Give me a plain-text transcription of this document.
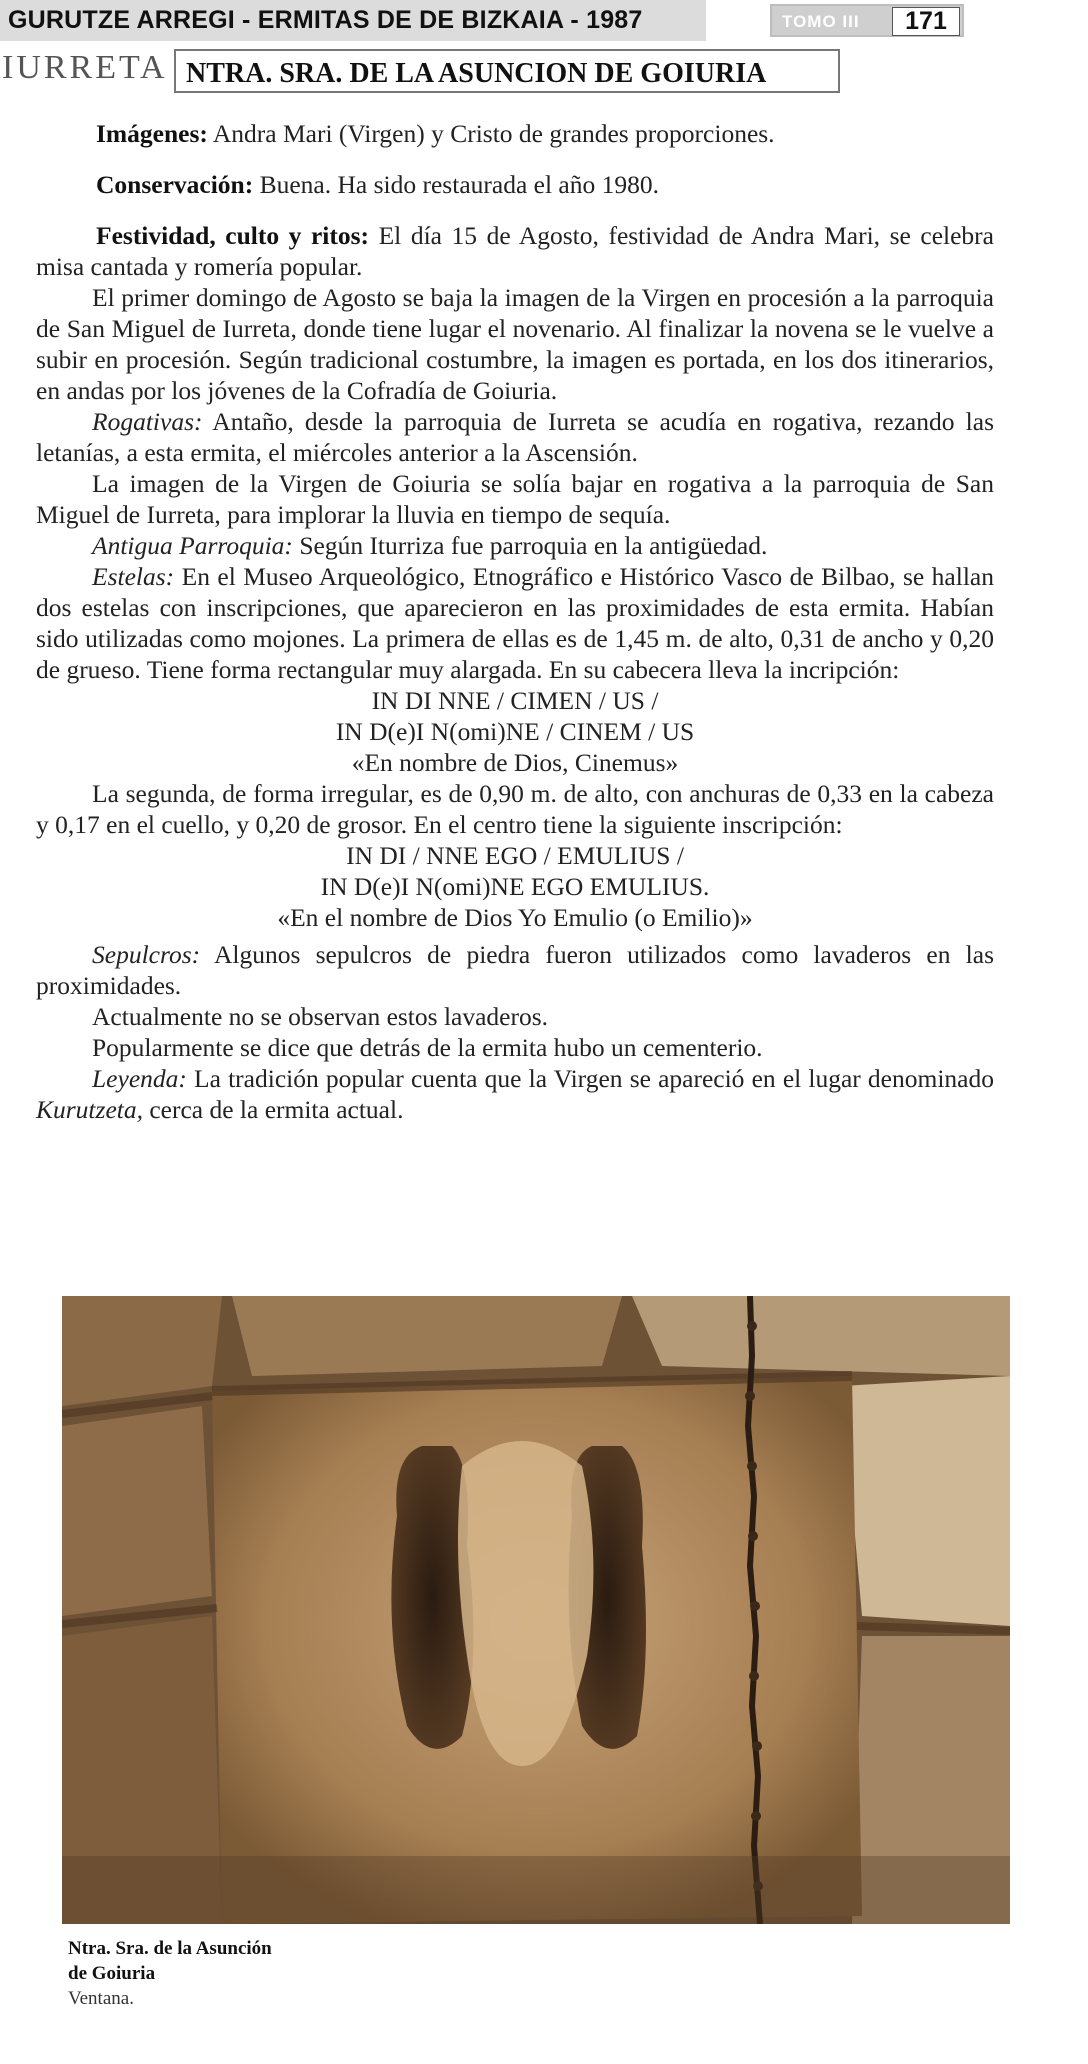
GURUTZE ARREGI - ERMITAS DE DE BIZKAIA - 1987	TOMO III	171
IURRETA NTRA. SRA. DE LA ASUNCION DE GOIURIA

Imágenes: Andra Mari (Virgen) y Cristo de grandes proporciones.

Conservación: Buena. Ha sido restaurada el año 1980.

Festividad, culto y ritos: El día 15 de Agosto, festividad de Andra Mari, se celebra misa cantada y romería popular.

El primer domingo de Agosto se baja la imagen de la Virgen en procesión a la parroquia de San Miguel de Iurreta, donde tiene lugar el novenario. Al finalizar la novena se le vuelve a subir en procesión. Según tradicional costumbre, la imagen es portada, en los dos itinerarios, en andas por los jóvenes de la Cofradía de Goiuria.

Rogativas: Antaño, desde la parroquia de Iurreta se acudía en rogativa, rezando las letanías, a esta ermita, el miércoles anterior a la Ascensión.

La imagen de la Virgen de Goiuria se solía bajar en rogativa a la parroquia de San Miguel de Iurreta, para implorar la lluvia en tiempo de sequía.

Antigua Parroquia: Según Iturriza fue parroquia en la antigüedad.

Estelas: En el Museo Arqueológico, Etnográfico e Histórico Vasco de Bilbao, se hallan dos estelas con inscripciones, que aparecieron en las proximidades de esta ermita. Habían sido utilizadas como mojones. La primera de ellas es de 1,45 m. de alto, 0,31 de ancho y 0,20 de grueso. Tiene forma rectangular muy alargada. En su cabecera lleva la incripción:

IN DI NNE / CIMEN / US /

IN D(e)I N(omi)NE / CINEM / US

«En nombre de Dios, Cinemus»

La segunda, de forma irregular, es de 0,90 m. de alto, con anchuras de 0,33 en la cabeza y 0,17 en el cuello, y 0,20 de grosor. En el centro tiene la siguiente inscripción:

IN DI / NNE EGO / EMULIUS /

IN D(e)I N(omi)NE EGO EMULIUS.

«En el nombre de Dios Yo Emulio (o Emilio)»

Sepulcros: Algunos sepulcros de piedra fueron utilizados como lavaderos en las proximidades.

Actualmente no se observan estos lavaderos.

Popularmente se dice que detrás de la ermita hubo un cementerio.

Leyenda: La tradición popular cuenta que la Virgen se apareció en el lugar denominado Kurutzeta, cerca de la ermita actual.

Ntra. Sra. de la Asunción
de Goiuria
Ventana.
